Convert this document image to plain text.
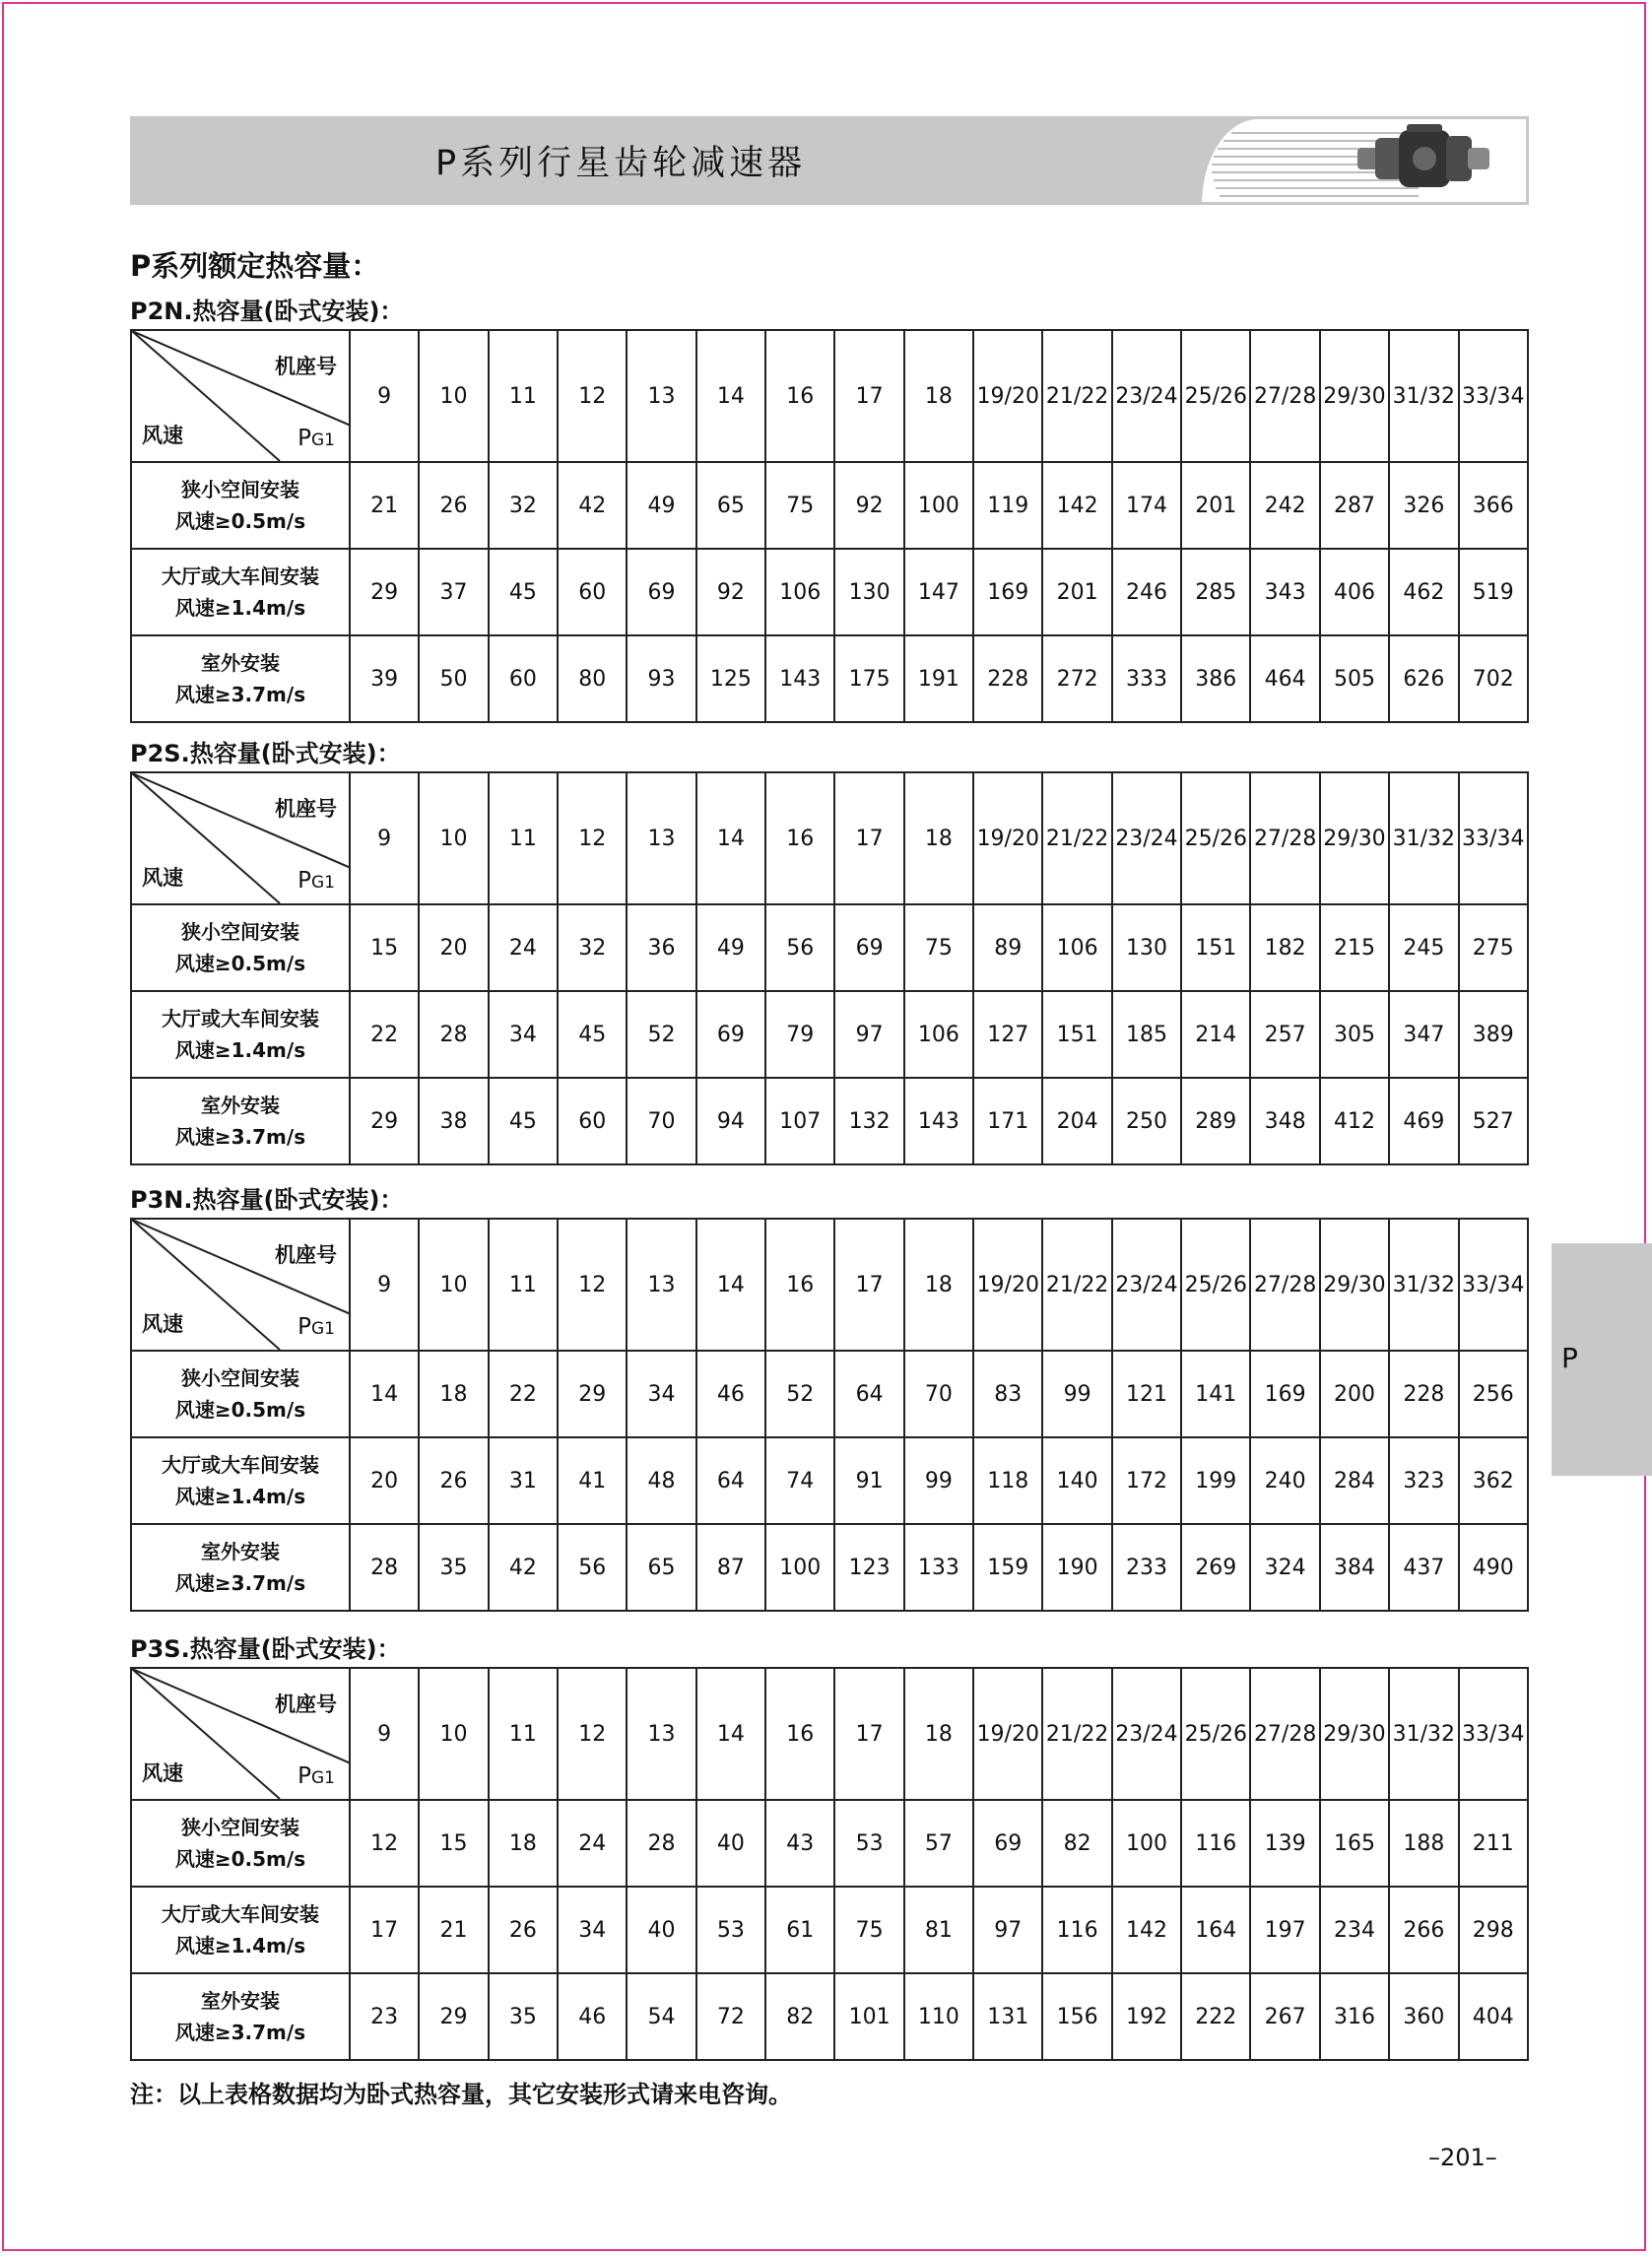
P系列行星齿轮减速器
P系列额定热容量：
P2N.热容量(卧式安装)：
机座号
风速 PG1	9	10	11	12	13	14	16	17	18	19/20	21/22	23/24	25/26	27/28	29/30	31/32	33/34

狭小空间安装
风速≥0.5m/s	21	26	32	42	49	65	75	92	100	119	142	174	201	242	287	326	366

大厅或大车间安装
风速≥1.4m/s	29	37	45	60	69	92	106	130	147	169	201	246	285	343	406	462	519

室外安装
风速≥3.7m/s	39	50	60	80	93	125	143	175	191	228	272	333	386	464	505	626	702
P2S.热容量(卧式安装)：
机座号
风速 PG1	9	10	11	12	13	14	16	17	18	19/20	21/22	23/24	25/26	27/28	29/30	31/32	33/34

狭小空间安装
风速≥0.5m/s	15	20	24	32	36	49	56	69	75	89	106	130	151	182	215	245	275

大厅或大车间安装
风速≥1.4m/s	22	28	34	45	52	69	79	97	106	127	151	185	214	257	305	347	389

室外安装
风速≥3.7m/s	29	38	45	60	70	94	107	132	143	171	204	250	289	348	412	469	527
P3N.热容量(卧式安装)：
机座号
风速 PG1	9	10	11	12	13	14	16	17	18	19/20	21/22	23/24	25/26	27/28	29/30	31/32	33/34

狭小空间安装
风速≥0.5m/s	14	18	22	29	34	46	52	64	70	83	99	121	141	169	200	228	256

大厅或大车间安装
风速≥1.4m/s	20	26	31	41	48	64	74	91	99	118	140	172	199	240	284	323	362

室外安装
风速≥3.7m/s	28	35	42	56	65	87	100	123	133	159	190	233	269	324	384	437	490
P3S.热容量(卧式安装)：
机座号
风速 PG1	9	10	11	12	13	14	16	17	18	19/20	21/22	23/24	25/26	27/28	29/30	31/32	33/34

狭小空间安装
风速≥0.5m/s	12	15	18	24	28	40	43	53	57	69	82	100	116	139	165	188	211

大厅或大车间安装
风速≥1.4m/s	17	21	26	34	40	53	61	75	81	97	116	142	164	197	234	266	298

室外安装
风速≥3.7m/s	23	29	35	46	54	72	82	101	110	131	156	192	222	267	316	360	404
注：以上表格数据均为卧式热容量，其它安装形式请来电咨询。
P
–201–
